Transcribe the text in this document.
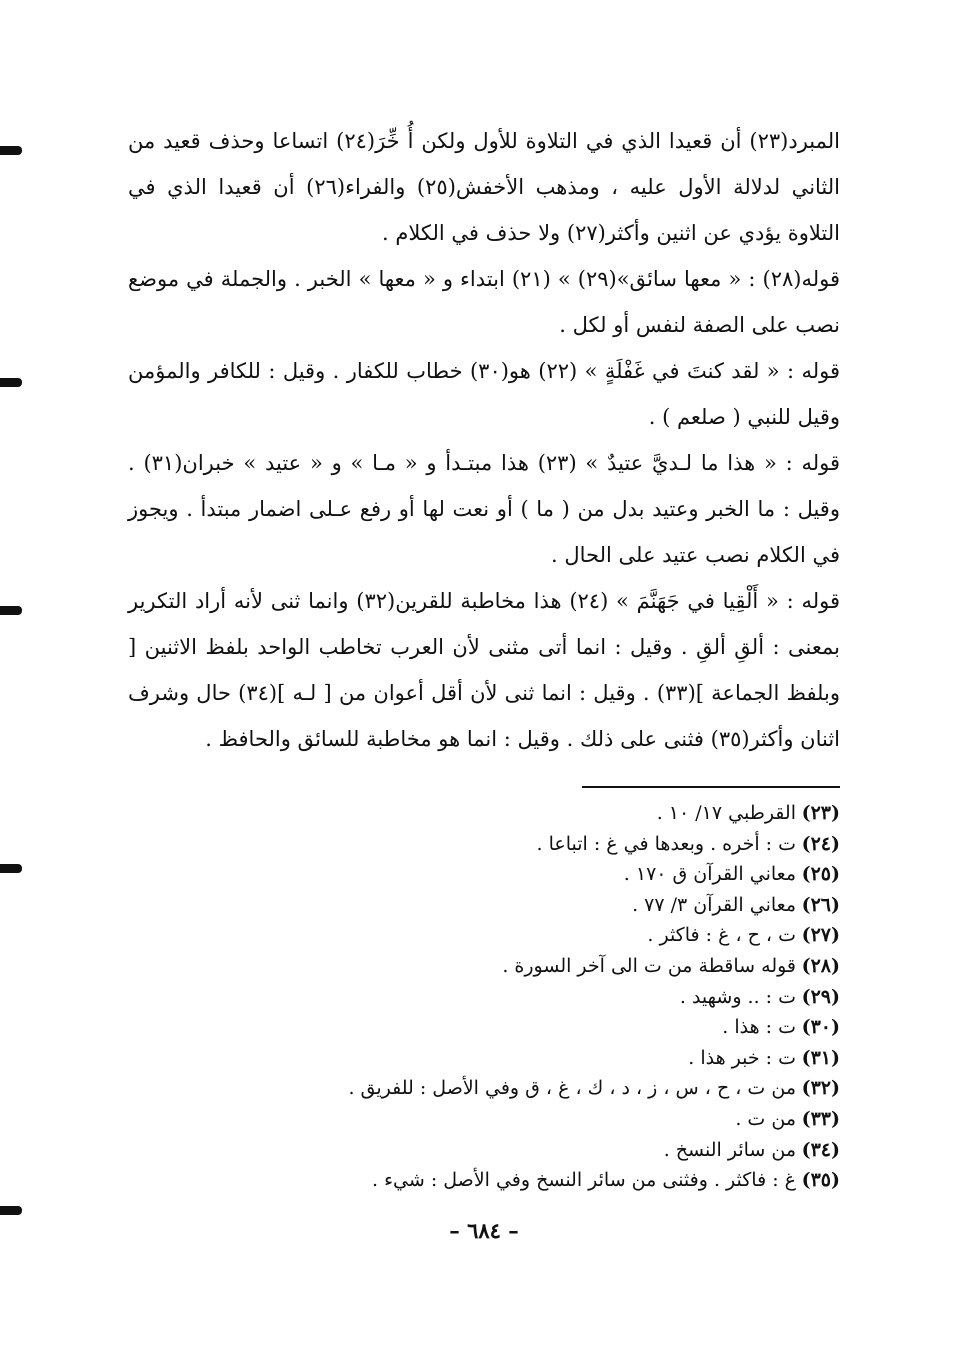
المبرد(٢٣) أن قعيدا الذي في التلاوة للأول ولكن أُ خِّرَ(٢٤) اتساعا وحذف قعيد من الثاني لدلالة الأول عليه ، ومذهب الأخفش(٢٥) والفراء(٢٦) أن قعيدا الذي في التلاوة يؤدي عن اثنين وأكثر(٢٧) ولا حذف في الكلام .

قوله(٢٨) : « معها سائق»(٢٩) » (٢١) ابتداء و « معها » الخبر . والجملة في موضع نصب على الصفة لنفس أو لكل .

قوله : « لقد كنتَ في غَفْلَةٍ » (٢٢) هو(٣٠) خطاب للكفار . وقيل : للكافر والمؤمن وقيل للنبي ( صلعم ) .

قوله : « هذا ما لـديَّ عتيدٌ » (٢٣) هذا مبتـدأ و « مـا » و « عتيد » خبران(٣١) . وقيل : ما الخبر وعتيد بدل من ( ما ) أو نعت لها أو رفع عـلى اضمار مبتدأ . ويجوز في الكلام نصب عتيد على الحال .

قوله : « أَلْقِيا في جَهَنَّمَ » (٢٤) هذا مخاطبة للقرين(٣٢) وانما ثنى لأنه أراد التكرير بمعنى : ألقِ ألقِ . وقيل : انما أتى مثنى لأن العرب تخاطب الواحد بلفظ الاثنين [ وبلفظ الجماعة ](٣٣) . وقيل : انما ثنى لأن أقل أعوان من [ لـه ](٣٤) حال وشرف اثنان وأكثر(٣٥) فثنى على ذلك . وقيل : انما هو مخاطبة للسائق والحافظ .

(٢٣)
القرطبي ١٧/ ١٠ .
(٢٤)
ت : أخره . وبعدها في غ : اتباعا .
(٢٥)
معاني القرآن ق ١٧٠ .
(٢٦)
معاني القرآن ٣/ ٧٧ .
(٢٧)
ت ، ح ، غ : فاكثر .
(٢٨)
قوله ساقطة من ت الى آخر السورة .
(٢٩)
ت : .. وشهيد .
(٣٠)
ت : هذا .
(٣١)
ت : خبر هذا .
(٣٢)
من ت ، ح ، س ، ز ، د ، ك ، غ ، ق وفي الأصل : للفريق .
(٣٣)
من ت .
(٣٤)
من سائر النسخ .
(٣٥)
غ : فاكثر . وفثنى من سائر النسخ وفي الأصل : شيء .
– ٦٨٤ –
